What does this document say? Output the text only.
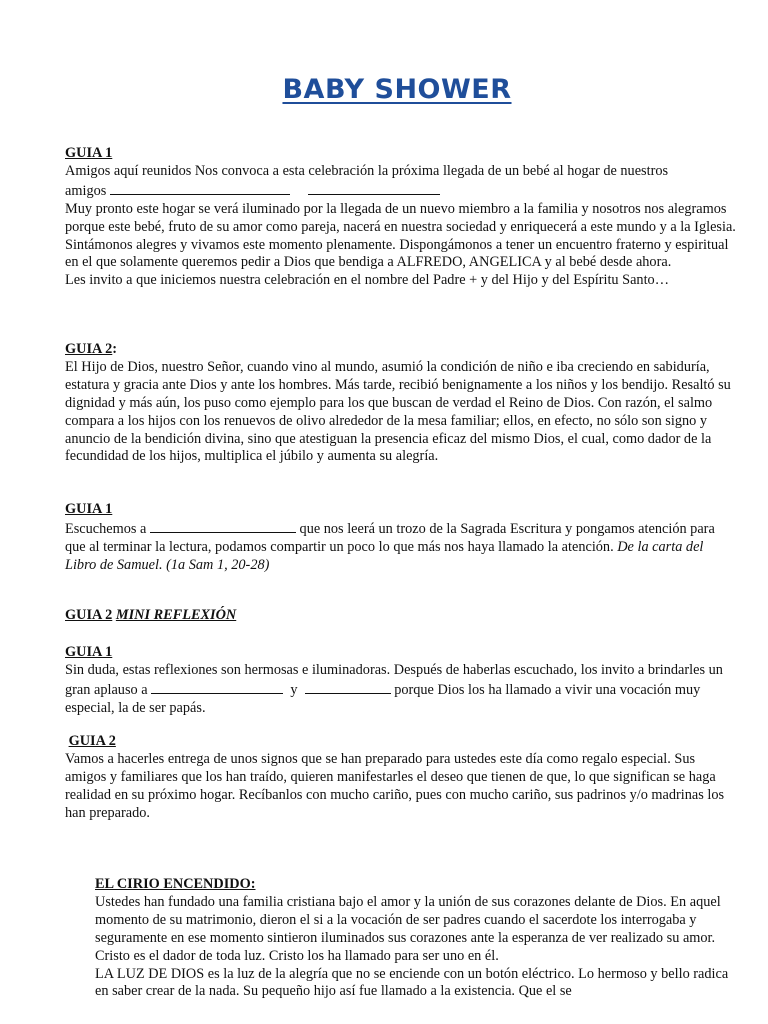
BABY SHOWER

GUIA 1

Amigos aquí reunidos Nos convoca a esta celebración la próxima llegada de un bebé al hogar de nuestros

amigos

Muy pronto este hogar se verá iluminado por la llegada de un nuevo miembro a la familia y nosotros nos alegramos porque este bebé, fruto de su amor como pareja, nacerá en nuestra sociedad y enriquecerá a este mundo y a la Iglesia.

Sintámonos alegres y vivamos este momento plenamente. Dispongámonos a tener un encuentro fraterno y espiritual en el que solamente queremos pedir a Dios que bendiga a ALFREDO, ANGELICA y al bebé desde ahora.

Les invito a que iniciemos nuestra celebración en el nombre del Padre + y del Hijo y del Espíritu Santo…

GUIA 2:

El Hijo de Dios, nuestro Señor, cuando vino al mundo, asumió la condición de niño e iba creciendo en sabiduría, estatura y gracia ante Dios y ante los hombres. Más tarde, recibió benignamente a los niños y los bendijo. Resaltó su dignidad y más aún, los puso como ejemplo para los que buscan de verdad el Reino de Dios. Con razón, el salmo compara a los hijos con los renuevos de olivo alrededor de la mesa familiar; ellos, en efecto, no sólo son signo y anuncio de la bendición divina, sino que atestiguan la presencia eficaz del mismo Dios, el cual, como dador de la fecundidad de los hijos, multiplica el júbilo y aumenta su alegría.

GUIA 1

Escuchemos a	que nos leerá un trozo de la Sagrada Escritura y pongamos atención para que al terminar la lectura, podamos compartir un poco lo que más nos haya llamado la atención. De la carta del Libro de Samuel. (1a Sam 1, 20-28)

GUIA 2 MINI REFLEXIÓN

GUIA 1

Sin duda, estas reflexiones son hermosas e iluminadoras. Después de haberlas escuchado, los invito a brindarles un gran aplauso a	y	porque Dios los ha llamado a vivir una vocación muy especial, la de ser papás.

GUIA 2

Vamos a hacerles entrega de unos signos que se han preparado para ustedes este día como regalo especial. Sus amigos y familiares que los han traído, quieren manifestarles el deseo que tienen de que, lo que significan se haga realidad en su próximo hogar. Recíbanlos con mucho cariño, pues con mucho cariño, sus padrinos y/o madrinas los han preparado.

EL CIRIO ENCENDIDO:

Ustedes han fundado una familia cristiana bajo el amor y la unión de sus corazones delante de Dios. En aquel momento de su matrimonio, dieron el si a la vocación de ser padres cuando el sacerdote los interrogaba y seguramente en ese momento sintieron iluminados sus corazones ante la esperanza de ver realizado su amor. Cristo es el dador de toda luz. Cristo los ha llamado para ser uno en él.

LA LUZ DE DIOS es la luz de la alegría que no se enciende con un botón eléctrico. Lo hermoso y bello radica en saber crear de la nada. Su pequeño hijo así fue llamado a la existencia. Que el se
